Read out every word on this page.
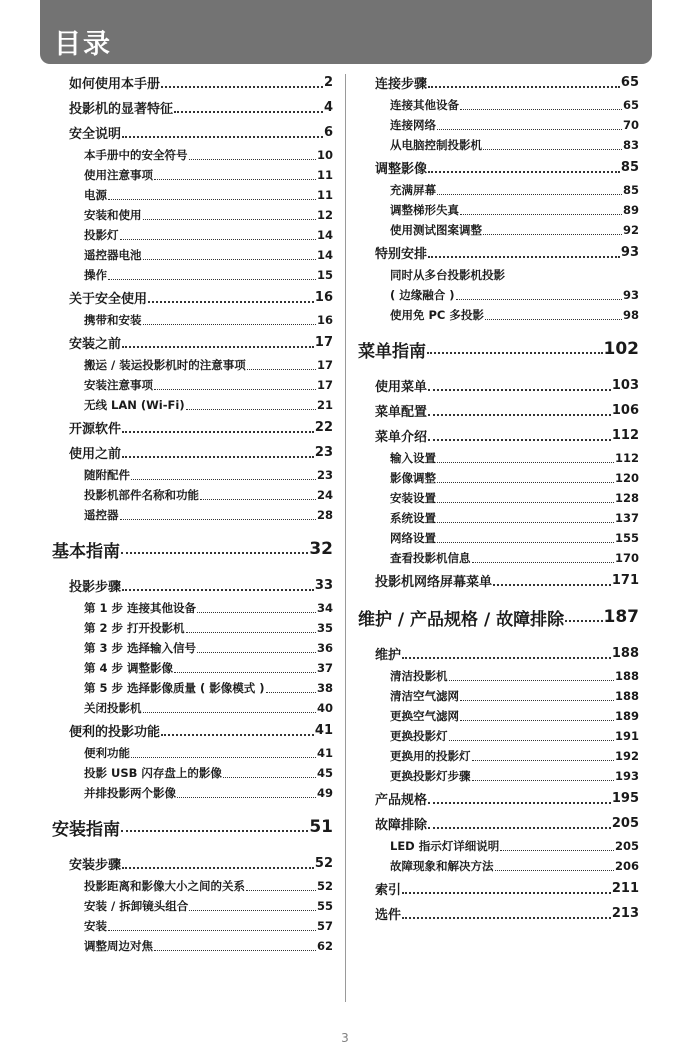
目录
如何使用本手册	2
投影机的显著特征	4
安全说明	6
本手册中的安全符号	10
使用注意事项	11
电源	11
安装和使用	12
投影灯	14
遥控器电池	14
操作	15
关于安全使用	16
携带和安装	16
安装之前	17
搬运 / 装运投影机时的注意事项	17
安装注意事项	17
无线 LAN (Wi-Fi)	21
开源软件	22
使用之前	23
随附配件	23
投影机部件名称和功能	24
遥控器	28
基本指南	32
投影步骤	33
第 1 步 连接其他设备	34
第 2 步 打开投影机	35
第 3 步 选择输入信号	36
第 4 步 调整影像	37
第 5 步 选择影像质量 ( 影像模式 )	38
关闭投影机	40
便利的投影功能	41
便利功能	41
投影 USB 闪存盘上的影像	45
并排投影两个影像	49
安装指南	51
安装步骤	52
投影距离和影像大小之间的关系	52
安装 / 拆卸镜头组合	55
安装	57
调整周边对焦	62
连接步骤	65
连接其他设备	65
连接网络	70
从电脑控制投影机	83
调整影像	85
充满屏幕	85
调整梯形失真	89
使用测试图案调整	92
特别安排	93
同时从多台投影机投影
( 边缘融合 )	93
使用免 PC 多投影	98
菜单指南	102
使用菜单	103
菜单配置	106
菜单介绍	112
输入设置	112
影像调整	120
安装设置	128
系统设置	137
网络设置	155
查看投影机信息	170
投影机网络屏幕菜单	171
维护 / 产品规格 / 故障排除 187
维护	188
清洁投影机	188
清洁空气滤网	188
更换空气滤网	189
更换投影灯	191
更换用的投影灯	192
更换投影灯步骤	193
产品规格	195
故障排除	205
LED 指示灯详细说明	205
故障现象和解决方法	206
索引	211
选件	213
3
